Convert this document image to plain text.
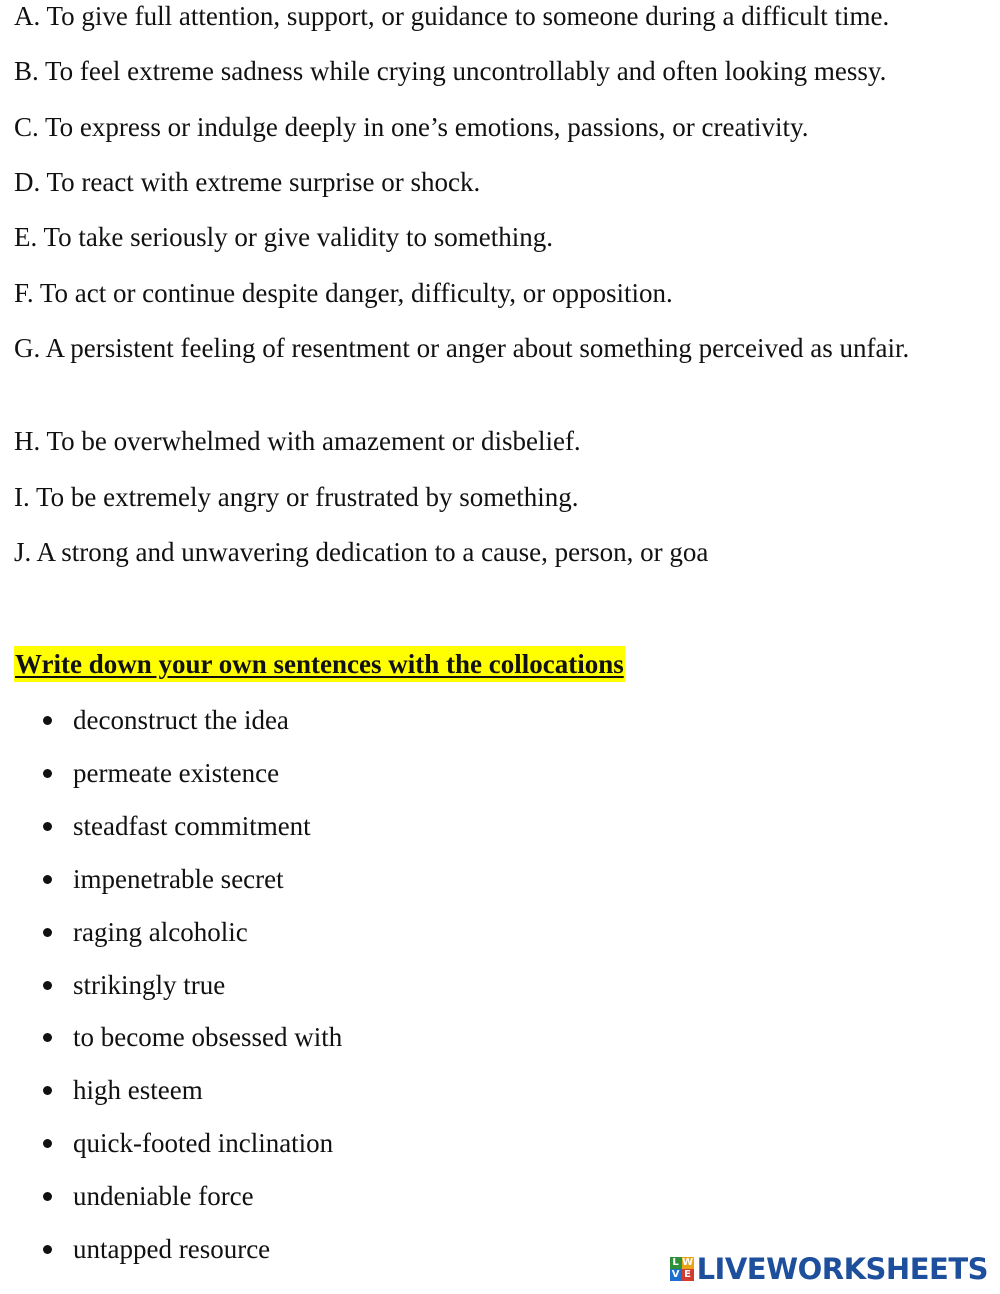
A. To give full attention, support, or guidance to someone during a difficult time.

B. To feel extreme sadness while crying uncontrollably and often looking messy.

C. To express or indulge deeply in one’s emotions, passions, or creativity.

D. To react with extreme surprise or shock.

E. To take seriously or give validity to something.

F. To act or continue despite danger, difficulty, or opposition.

G. A persistent feeling of resentment or anger about something perceived as unfair.

H. To be overwhelmed with amazement or disbelief.

I. To be extremely angry or frustrated by something.

J. A strong and unwavering dedication to a cause, person, or goa

Write down your own sentences with the collocations
deconstruct the idea
permeate existence
steadfast commitment
impenetrable secret
raging alcoholic
strikingly true
to become obsessed with
high esteem
quick-footed inclination
undeniable force
untapped resource	L W
V E LIVEWORKSHEETS
